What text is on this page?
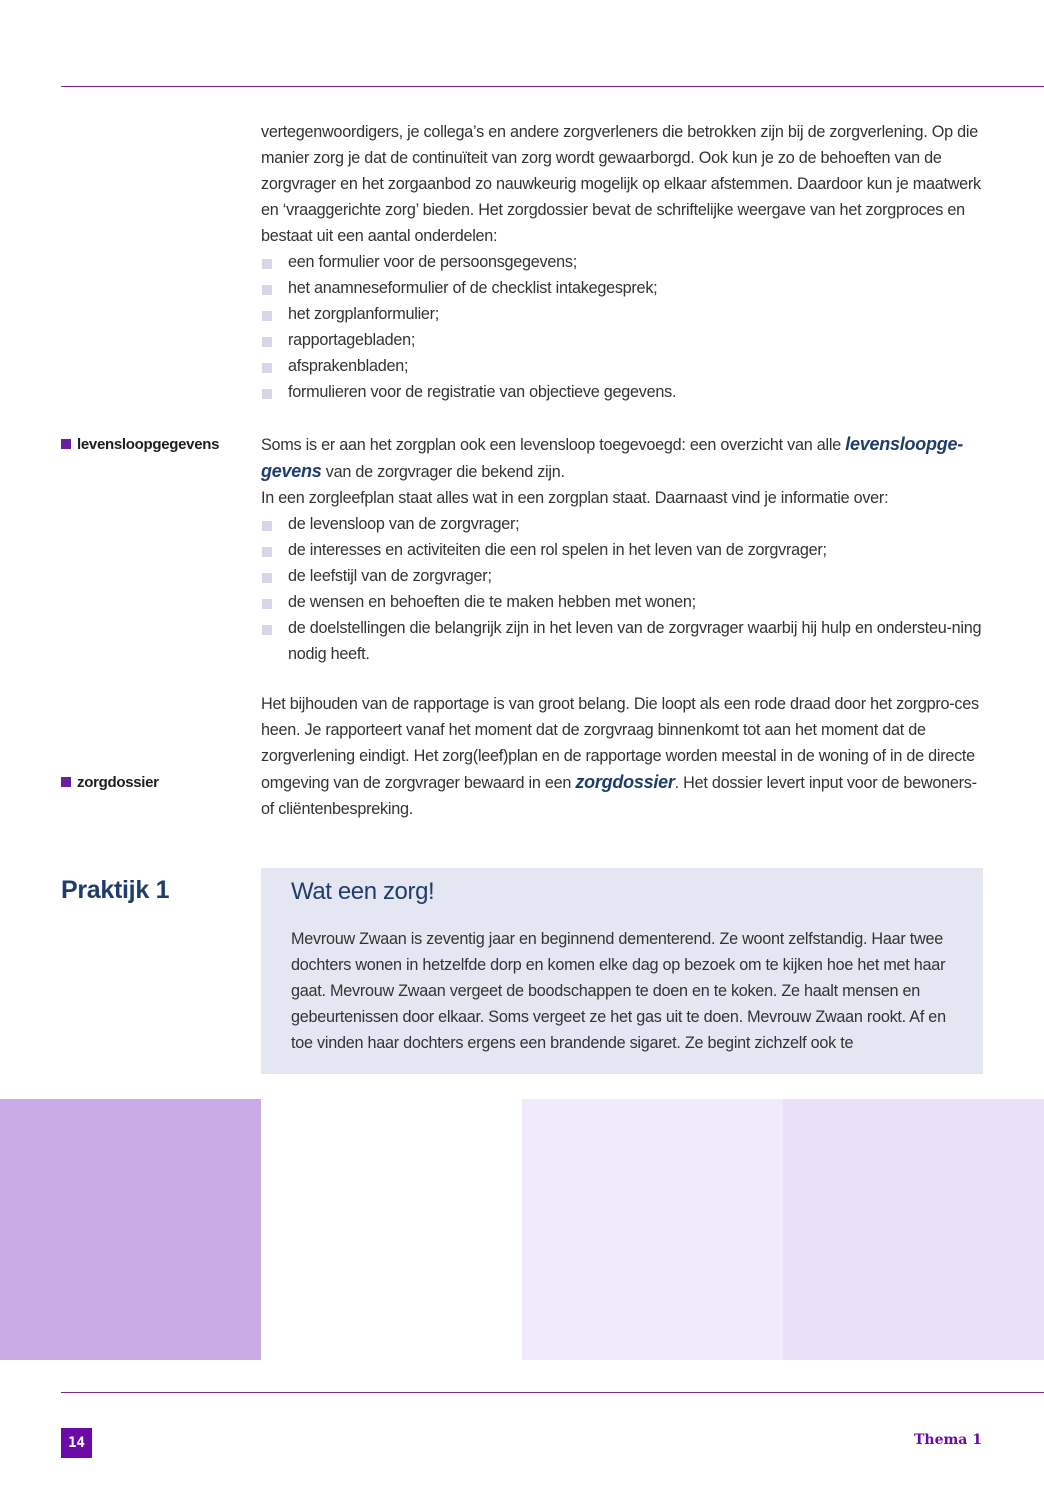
vertegenwoordigers, je collega’s en andere zorgverleners die betrokken zijn bij de zorgverlening. Op die manier zorg je dat de continuïteit van zorg wordt gewaarborgd. Ook kun je zo de behoeften van de zorgvrager en het zorgaanbod zo nauwkeurig mogelijk op elkaar afstemmen. Daardoor kun je maatwerk en ‘vraaggerichte zorg’ bieden. Het zorgdossier bevat de schriftelijke weergave van het zorgproces en bestaat uit een aantal onderdelen:

een formulier voor de persoonsgegevens;
het anamneseformulier of de checklist intakegesprek;
het zorgplanformulier;
rapportagebladen;
afsprakenbladen;
formulieren voor de registratie van objectieve gegevens.
levensloopgegevens	Soms is er aan het zorgplan ook een levensloop toegevoegd: een overzicht van alle levensloopge-gevens van de zorgvrager die bekend zijn.

In een zorgleefplan staat alles wat in een zorgplan staat. Daarnaast vind je informatie over:

de levensloop van de zorgvrager;
de interesses en activiteiten die een rol spelen in het leven van de zorgvrager;
de leefstijl van de zorgvrager;
de wensen en behoeften die te maken hebben met wonen;
de doelstellingen die belangrijk zijn in het leven van de zorgvrager waarbij hij hulp en ondersteu-ning nodig heeft.
zorgdossier

Het bijhouden van de rapportage is van groot belang. Die loopt als een rode draad door het zorgpro-ces heen. Je rapporteert vanaf het moment dat de zorgvraag binnenkomt tot aan het moment dat de zorgverlening eindigt. Het zorg(leef)plan en de rapportage worden meestal in de woning of in de directe omgeving van de zorgvrager bewaard in een zorgdossier. Het dossier levert input voor de bewoners- of cliëntenbespreking.

Praktijk 1	Wat een zorg!
Mevrouw Zwaan is zeventig jaar en beginnend dementerend. Ze woont zelfstandig. Haar twee dochters wonen in hetzelfde dorp en komen elke dag op bezoek om te kijken hoe het met haar gaat. Mevrouw Zwaan vergeet de boodschappen te doen en te koken. Ze haalt mensen en gebeurtenissen door elkaar. Soms vergeet ze het gas uit te doen. Mevrouw Zwaan rookt. Af en toe vinden haar dochters ergens een brandende sigaret. Ze begint zichzelf ook te
14	Thema 1
